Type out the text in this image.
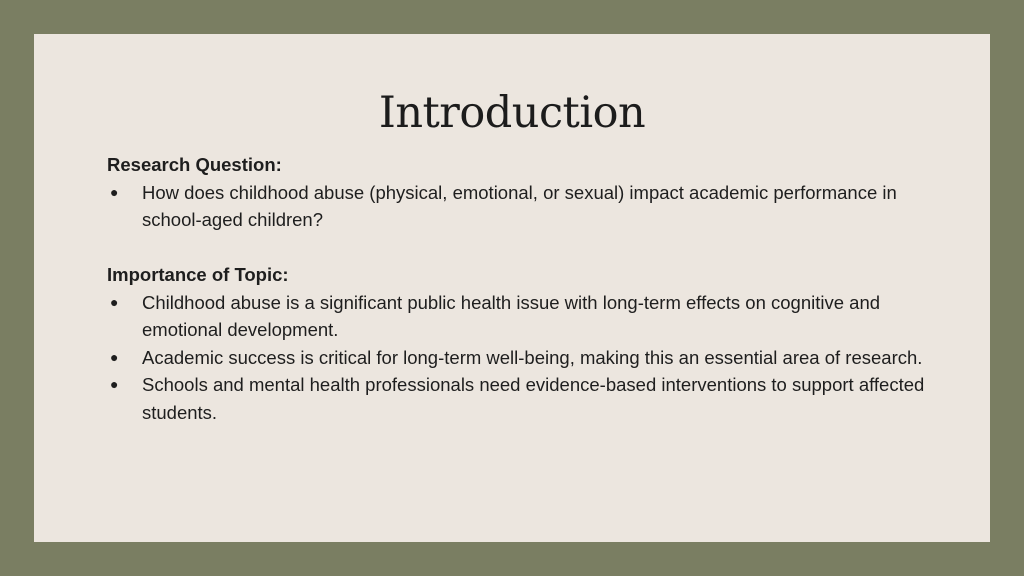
Introduction

Research Question:

● How does childhood abuse (physical, emotional, or sexual) impact academic performance in school-aged children?

Importance of Topic:

● Childhood abuse is a significant public health issue with long-term effects on cognitive and emotional development.
● Academic success is critical for long-term well-being, making this an essential area of research.
● Schools and mental health professionals need evidence-based interventions to support affected students.
